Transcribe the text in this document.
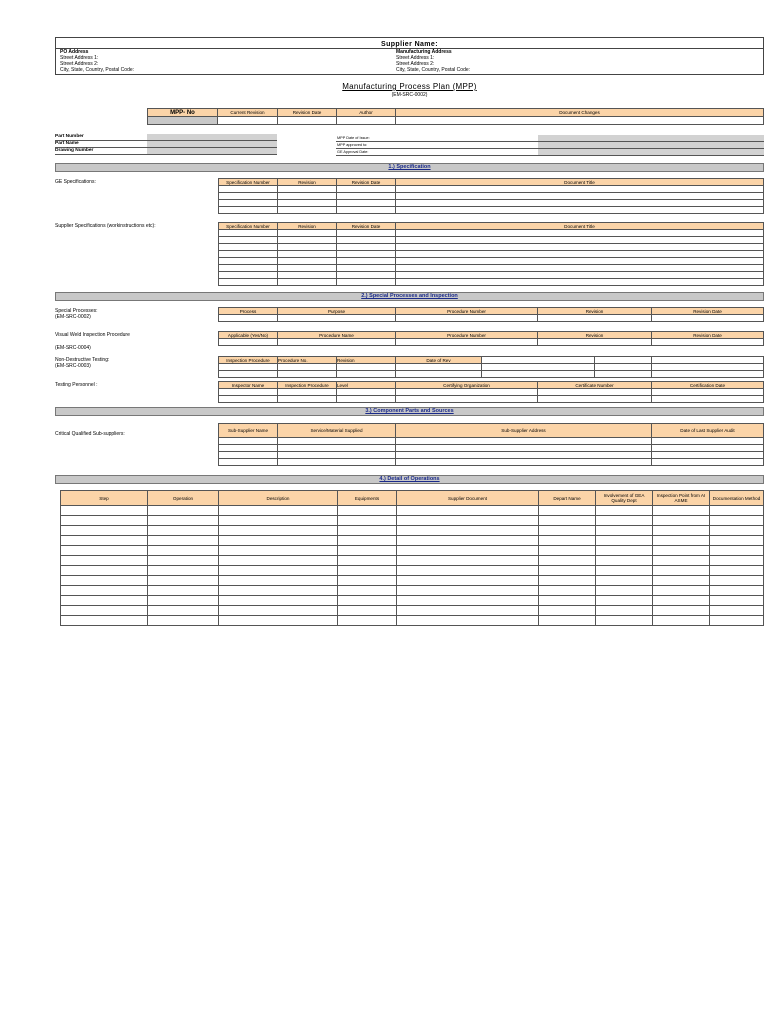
Supplier Name:
PO Address
Street Address 1:
Street Address 2:
City, State, Country, Postal Code:
Manufacturing Address
Street Address 1:
Street Address 2:
City, State, Country, Postal Code:
Manufacturing Process Plan (MPP)
(EM-SRC-0002)
MPP- No	Current Revision	Revision Date	Author	Document Changes

Part Number
Part Name
Drawing Number
MPP Date of Issue:
MPP approved to:
GE Approval Date:
1.) Specification
GE Specifications:	Specification Number	Revision	Revision Date	Document Title

Supplier Specifications (workinstructions etc):	Specification Number	Revision	Revision Date	Document Title

2.) Special Processes and Inspection
Special Processes:
(EM-SRC-0002)
Process	Purpose	Procedure Number	Revision	Revision Date

Visual Weld Inspection Procedure
(EM-SRC-0004)
Applicable (Yes/No)	Procedure Name	Procedure Number	Revision	Revision Date

Non-Destructive Testing:
(EM-SRC-0003)
Inspection Procedure	Procedure No.	Revision	Date of Rev			

Testing Personnel :	Inspector Name	Inspection Procedure	Level	Certifying Organization	Certificate Number	Certification Date

3.) Component Parts and Sources
Critical Qualified Sub-suppliers:
Sub-Supplier Name	Service/Material Supplied	Sub-Supplier Address	Date of Last Supplier Audit

4.) Detail of Operations
Step	Operation	Description	Equipments	Supplier Document	Depart Name	Involvement of GEA Quality Dept	Inspection Point from AI ASME	Documentation Method
